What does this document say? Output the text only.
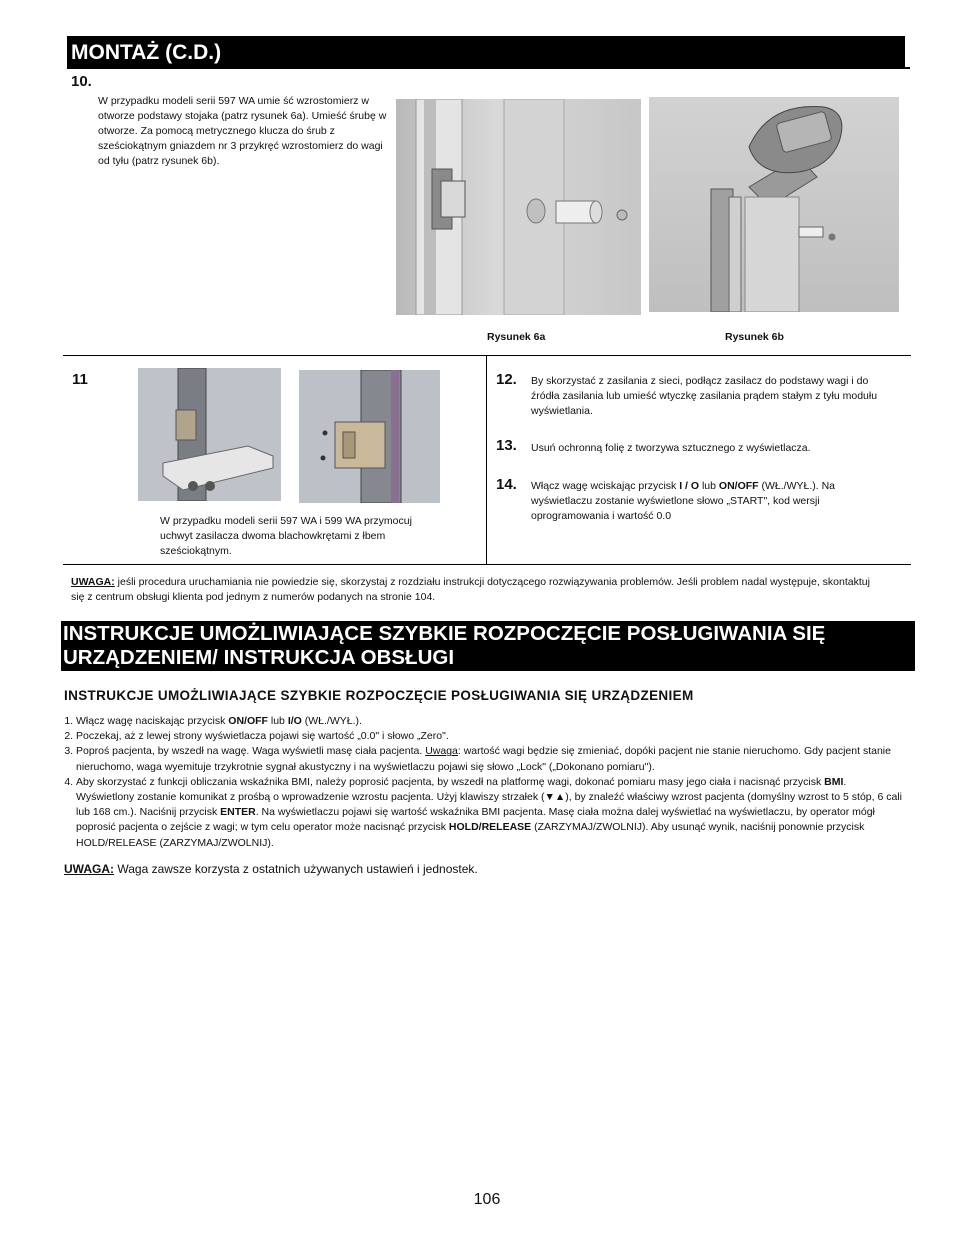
MONTAŻ (C.D.)
10.
W przypadku modeli serii 597 WA umie ść wzrostomierz w otworze podstawy stojaka (patrz rysunek 6a). Umieść śrubę w otworze. Za pomocą metrycznego klucza do śrub z sześciokątnym gniazdem nr 3 przykręć wzrostomierz do wagi od tyłu (patrz rysunek 6b).
Rysunek 6a	Rysunek 6b
11
W przypadku modeli serii 597 WA i 599 WA przymocuj uchwyt zasilacza dwoma blachowkrętami z łbem sześciokątnym.
12. By skorzystać z zasilania z sieci, podłącz zasilacz do podstawy wagi i do źródła zasilania lub umieść wtyczkę zasilania prądem stałym z tyłu modułu wyświetlania.
13. Usuń ochronną folię z tworzywa sztucznego z wyświetlacza.
14. Włącz wagę wciskając przycisk I / O lub ON/OFF (WŁ./WYŁ.). Na wyświetlaczu zostanie wyświetlone słowo „START", kod wersji oprogramowania i wartość 0.0
UWAGA: jeśli procedura uruchamiania nie powiedzie się, skorzystaj z rozdziału instrukcji dotyczącego rozwiązywania problemów. Jeśli problem nadal występuje, skontaktuj się z centrum obsługi klienta pod jednym z numerów podanych na stronie 104.
INSTRUKCJE UMOŻLIWIAJĄCE SZYBKIE ROZPOCZĘCIE POSŁUGIWANIA SIĘ
URZĄDZENIEM/ INSTRUKCJA OBSŁUGI
INSTRUKCJE UMOŻLIWIAJĄCE SZYBKIE ROZPOCZĘCIE POSŁUGIWANIA SIĘ URZĄDZENIEM
1. Włącz wagę naciskając przycisk ON/OFF lub I/O (WŁ./WYŁ.).
2. Poczekaj, aż z lewej strony wyświetlacza pojawi się wartość „0.0" i słowo „Zero".
3. Poproś pacjenta, by wszedł na wagę. Waga wyświetli masę ciała pacjenta. Uwaga: wartość wagi będzie się zmieniać, dopóki pacjent nie stanie nieruchomo. Gdy pacjent stanie nieruchomo, waga wyemituje trzykrotnie sygnał akustyczny i na wyświetlaczu pojawi się słowo „Lock" („Dokonano pomiaru").
4. Aby skorzystać z funkcji obliczania wskaźnika BMI, należy poprosić pacjenta, by wszedł na platformę wagi, dokonać pomiaru masy jego ciała i nacisnąć przycisk BMI. Wyświetlony zostanie komunikat z prośbą o wprowadzenie wzrostu pacjenta. Użyj klawiszy strzałek (▼▲), by znaleźć właściwy wzrost pacjenta (domyślny wzrost to 5 stóp, 6 cali lub 168 cm.). Naciśnij przycisk ENTER. Na wyświetlaczu pojawi się wartość wskaźnika BMI pacjenta. Masę ciała można dalej wyświetlać na wyświetlaczu, by operator mógł poprosić pacjenta o zejście z wagi; w tym celu operator może nacisnąć przycisk HOLD/RELEASE (ZARZYMAJ/ZWOLNIJ). Aby usunąć wynik, naciśnij ponownie przycisk HOLD/RELEASE (ZARZYMAJ/ZWOLNIJ).
UWAGA: Waga zawsze korzysta z ostatnich używanych ustawień i jednostek.
106
